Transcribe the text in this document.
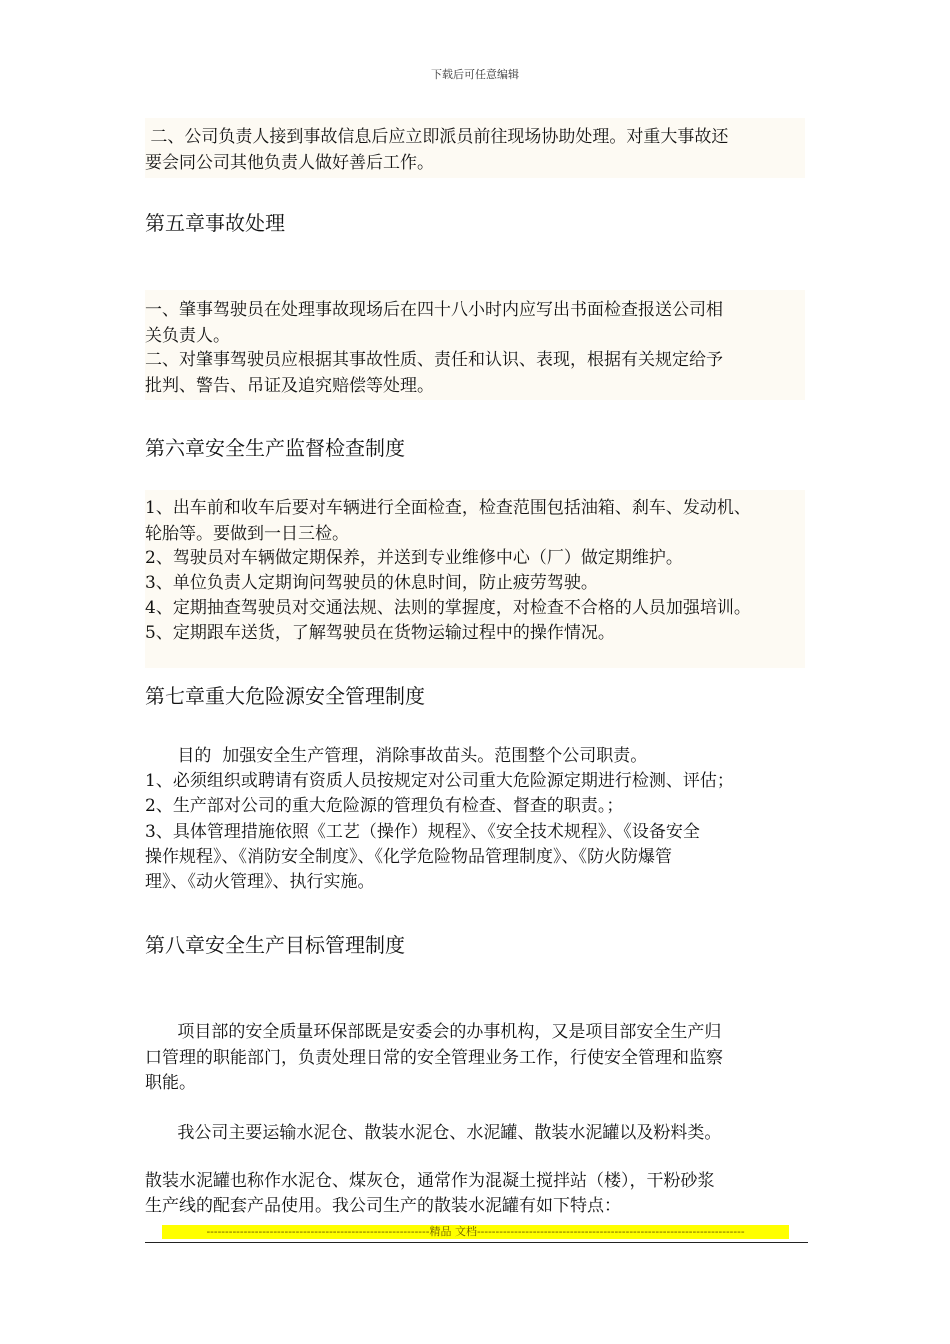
下载后可任意编辑
二、公司负责人接到事故信息后应立即派员前往现场协助处理。对重大事故还
要会同公司其他负责人做好善后工作。
第五章事故处理
一、肇事驾驶员在处理事故现场后在四十八小时内应写出书面检查报送公司相
关负责人。
二、对肇事驾驶员应根据其事故性质、责任和认识、表现，根据有关规定给予
批判、警告、吊证及追究赔偿等处理。
第六章安全生产监督检查制度
1、出车前和收车后要对车辆进行全面检查，检查范围包括油箱、刹车、发动机、
轮胎等。要做到一日三检。
2、驾驶员对车辆做定期保养，并送到专业维修中心（厂）做定期维护。
3、单位负责人定期询问驾驶员的休息时间，防止疲劳驾驶。
4、定期抽查驾驶员对交通法规、法则的掌握度，对检查不合格的人员加强培训。
5、定期跟车送货，了解驾驶员在货物运输过程中的操作情况。
第七章重大危险源安全管理制度
目的  加强安全生产管理，消除事故苗头。范围整个公司职责。
1、必须组织或聘请有资质人员按规定对公司重大危险源定期进行检测、评估；
2、生产部对公司的重大危险源的管理负有检查、督查的职责。；
3、具体管理措施依照《工艺（操作）规程》、《安全技术规程》、《设备安全
操作规程》、《消防安全制度》、《化学危险物品管理制度》、《防火防爆管
理》、《动火管理》、执行实施。
第八章安全生产目标管理制度
项目部的安全质量环保部既是安委会的办事机构，又是项目部安全生产归
口管理的职能部门，负责处理日常的安全管理业务工作，行使安全管理和监察
职能。
我公司主要运输水泥仓、散装水泥仓、水泥罐、散装水泥罐以及粉料类。
散装水泥罐也称作水泥仓、煤灰仓，通常作为混凝土搅拌站（楼），干粉砂浆
生产线的配套产品使用。我公司生产的散装水泥罐有如下特点：
------------------------------------------------------------精品 文档------------------------------------------------------------------------
